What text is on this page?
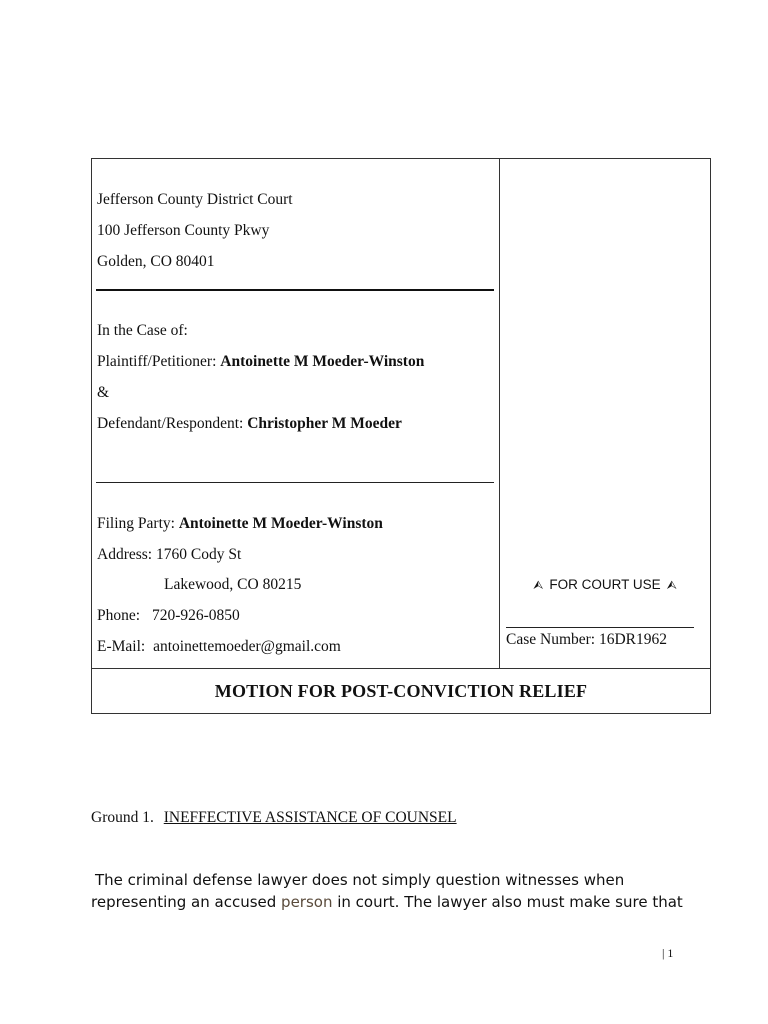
Jefferson County District Court
100 Jefferson County Pkwy
Golden, CO 80401
In the Case of:
Plaintiff/Petitioner: Antoinette M Moeder-Winston
&
Defendant/Respondent: Christopher M Moeder
Filing Party: Antoinette M Moeder-Winston
Address: 1760 Cody St
Lakewood, CO 80215
Phone: 720-926-0850
E-Mail: antoinettemoeder@gmail.com
⮙ FOR COURT USE ⮙
Case Number: 16DR1962
MOTION FOR POST-CONVICTION RELIEF
Ground 1. INEFFECTIVE ASSISTANCE OF COUNSEL
The criminal defense lawyer does not simply question witnesses when
representing an accused person in court. The lawyer also must make sure that
| 1
